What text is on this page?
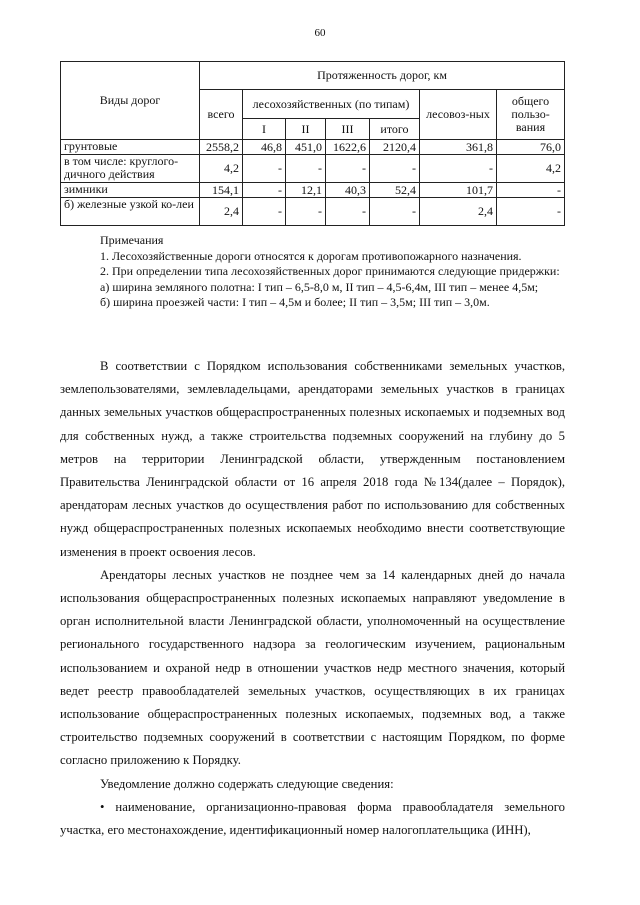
60
Виды дорог	Протяженность дорог, км						
	всего	лесохозяйственных (по типам)				лесовоз-ных	общего пользо-вания
		I	II	III	итого		
грунтовые	2558,2	46,8	451,0	1622,6	2120,4	361,8	76,0
в том числе: круглого-дичного действия	4,2	-	-	-	-	-	4,2
зимники	154,1	-	12,1	40,3	52,4	101,7	-
б) железные узкой ко-леи	2,4	-	-	-	-	2,4	-

Примечания

1. Лесохозяйственные дороги относятся к дорогам противопожарного назначения.

2. При определении типа лесохозяйственных дорог принимаются следующие придержки:

а) ширина земляного полотна: I тип – 6,5-8,0 м, II тип – 4,5-6,4м, III тип – менее 4,5м;

б) ширина проезжей части: I тип – 4,5м и более; II тип – 3,5м; III тип – 3,0м.

В соответствии с Порядком использования собственниками земельных участков, землепользователями, землевладельцами, арендаторами земельных участков в границах данных земельных участков общераспространенных полезных ископаемых и подземных вод для собственных нужд, а также строительства подземных сооружений на глубину до 5 метров на территории Ленинградской области, утвержденным постановлением Правительства Ленинградской области от 16 апреля 2018 года №134(далее – Порядок), арендаторам лесных участков до осуществления работ по использованию для собственных нужд общераспространенных полезных ископаемых необходимо внести соответствующие изменения в проект освоения лесов.

Арендаторы лесных участков не позднее чем за 14 календарных дней до начала использования общераспространенных полезных ископаемых направляют уведомление в орган исполнительной власти Ленинградской области, уполномоченный на осуществление регионального государственного надзора за геологическим изучением, рациональным использованием и охраной недр в отношении участков недр местного значения, который ведет реестр правообладателей земельных участков, осуществляющих в их границах использование общераспространенных полезных ископаемых, подземных вод, а также строительство подземных сооружений в соответствии с настоящим Порядком, по форме согласно приложению к Порядку.

Уведомление должно содержать следующие сведения:

• наименование, организационно-правовая форма правообладателя земельного участка, его местонахождение, идентификационный номер налогоплательщика (ИНН),
